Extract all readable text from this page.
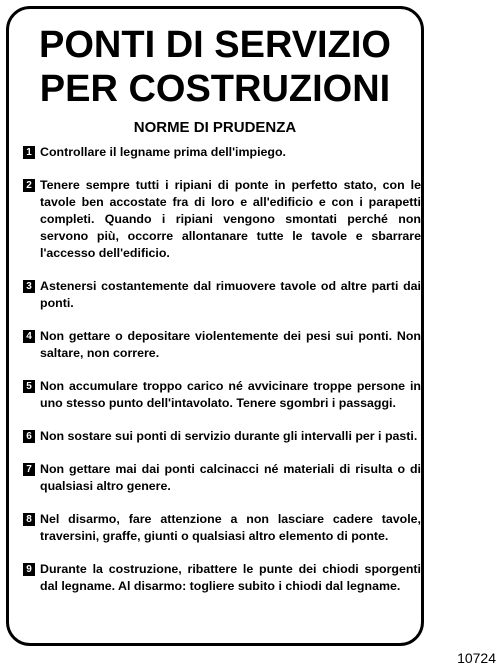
PONTI DI SERVIZIO
PER COSTRUZIONI
NORME DI PRUDENZA
1 Controllare il legname prima dell'impiego.
2 Tenere sempre tutti i ripiani di ponte in perfetto stato, con le tavole ben accostate fra di loro e all'edificio e con i parapetti completi. Quando i ripiani vengono smontati perché non servono più, occorre allontanare tutte le tavole e sbarrare l'accesso dell'edificio.
3 Astenersi costantemente dal rimuovere tavole od altre parti dai ponti.
4 Non gettare o depositare violentemente dei pesi sui ponti. Non saltare, non correre.
5 Non accumulare troppo carico né avvicinare troppe persone in uno stesso punto dell'intavolato. Tenere sgombri i passaggi.
6 Non sostare sui ponti di servizio durante gli intervalli per i pasti.
7 Non gettare mai dai ponti calcinacci né materiali di risulta o di qualsiasi altro genere.
8 Nel disarmo, fare attenzione a non lasciare cadere tavole, traversini, graffe, giunti o qualsiasi altro elemento di ponte.
9 Durante la costruzione, ribattere le punte dei chiodi sporgenti dal legname. Al disarmo: togliere subito i chiodi dal legname.
10724
